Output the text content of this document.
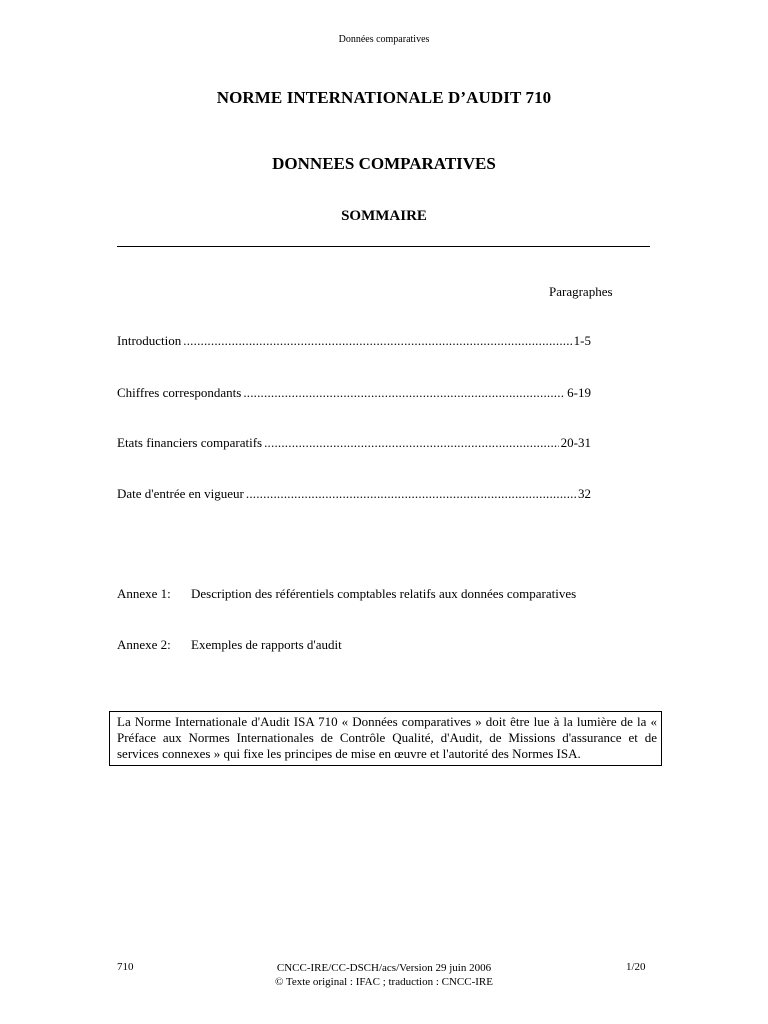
Données comparatives
NORME INTERNATIONALE D’AUDIT 710
DONNEES COMPARATIVES
SOMMAIRE
Paragraphes
Introduction .....	1-5
Chiffres correspondants .....	6-19
Etats financiers comparatifs .....	20-31
Date d'entrée en vigueur .....	32
Annexe 1: Description des référentiels comptables relatifs aux données comparatives
Annexe 2: Exemples de rapports d'audit
La Norme Internationale d'Audit ISA 710 « Données comparatives » doit être lue à la lumière de la « Préface aux Normes Internationales de Contrôle Qualité, d'Audit, de Missions d'assurance et de services connexes » qui fixe les principes de mise en œuvre et l'autorité des Normes ISA.
710	CNCC-IRE/CC-DSCH/acs/Version 29 juin 2006
© Texte original : IFAC ; traduction : CNCC-IRE
1/20
